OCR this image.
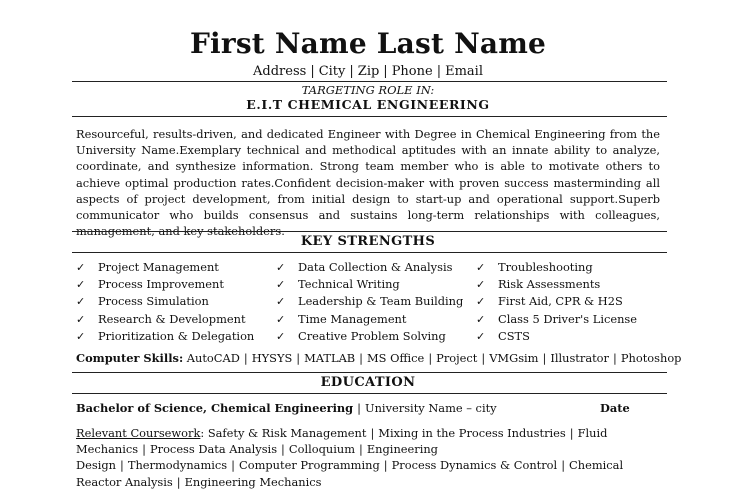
First Name Last Name
Address | City | Zip | Phone | Email
TARGETING ROLE IN:
E.I.T CHEMICAL ENGINEERING
Resourceful, results-driven, and dedicated Engineer with Degree in Chemical Engineering from the University Name.Exemplary technical and methodical aptitudes with an innate ability to analyze, coordinate, and synthesize information. Strong team member who is able to motivate others to achieve optimal production rates.Confident decision-maker with proven success masterminding all aspects of project development, from initial design to start-up and operational support.Superb communicator who builds consensus and sustains long-term relationships with colleagues, management, and key stakeholders.
KEY STRENGTHS
✓ Project Management
✓ Process Improvement
✓ Process Simulation
✓ Research & Development
✓ Prioritization & Delegation
✓ Data Collection & Analysis
✓ Technical Writing
✓ Leadership & Team Building
✓ Time Management
✓ Creative Problem Solving
✓ Troubleshooting
✓ Risk Assessments
✓ First Aid, CPR & H2S
✓ Class 5 Driver's License
✓ CSTS
Computer Skills: AutoCAD | HYSYS | MATLAB | MS Office | Project | VMGsim | Illustrator | Photoshop
EDUCATION
Bachelor of Science, Chemical Engineering | University Name – city	Date
Relevant Coursework: Safety & Risk Management | Mixing in the Process Industries | Fluid Mechanics | Process Data Analysis | Colloquium | Engineering Design | Thermodynamics | Computer Programming | Process Dynamics & Control | Chemical Reactor Analysis | Engineering Mechanics
